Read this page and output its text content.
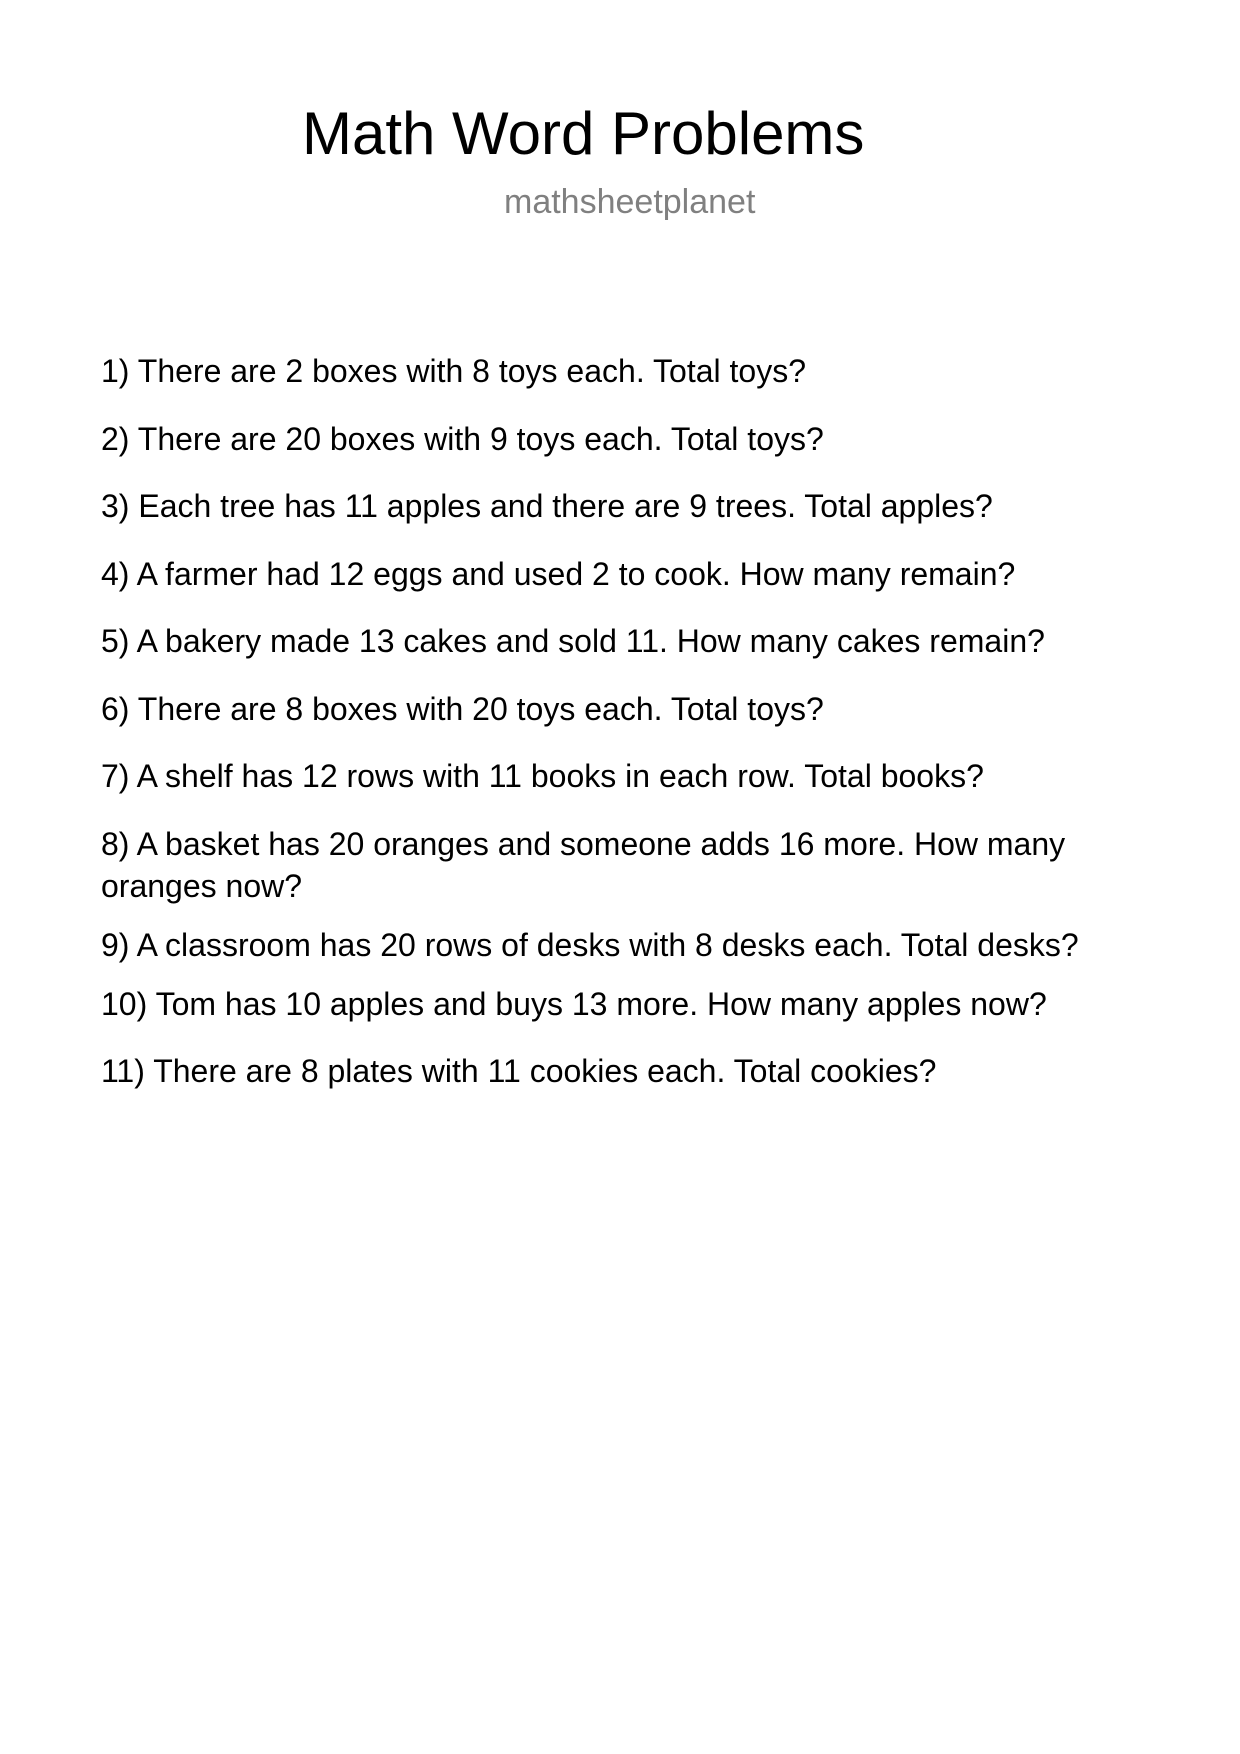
Math Word Problems
mathsheetplanet
1) There are 2 boxes with 8 toys each. Total toys?
2) There are 20 boxes with 9 toys each. Total toys?
3) Each tree has 11 apples and there are 9 trees. Total apples?
4) A farmer had 12 eggs and used 2 to cook. How many remain?
5) A bakery made 13 cakes and sold 11. How many cakes remain?
6) There are 8 boxes with 20 toys each. Total toys?
7) A shelf has 12 rows with 11 books in each row. Total books?
8) A basket has 20 oranges and someone adds 16 more. How many oranges now?
9) A classroom has 20 rows of desks with 8 desks each. Total desks?
10) Tom has 10 apples and buys 13 more. How many apples now?
11) There are 8 plates with 11 cookies each. Total cookies?
